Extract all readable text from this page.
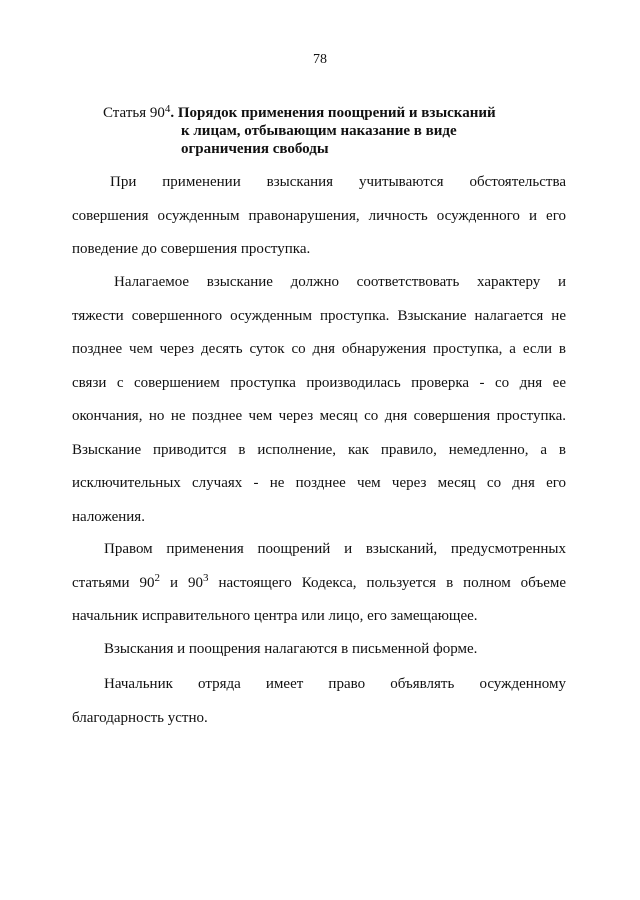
78
Статья $90^4$. Порядок применения поощрений и взысканий
к лицам, отбывающим наказание в виде
ограничения свободы
При применении взыскания учитываются обстоятельства
совершения осужденным правонарушения, личность осужденного и его
поведение до совершения проступка.
Налагаемое взыскание должно соответствовать характеру и
тяжести совершенного осужденным проступка. Взыскание налагается не
позднее чем через десять суток со дня обнаружения проступка, а если в
связи с совершением проступка производилась проверка - со дня ее
окончания, но не позднее чем через месяц со дня совершения проступка.
Взыскание приводится в исполнение, как правило, немедленно, а в
исключительных случаях - не позднее чем через месяц со дня его
наложения.
Правом применения поощрений и взысканий, предусмотренных
статьями $90^2$ и $90^3$ настоящего Кодекса, пользуется в полном объеме
начальник исправительного центра или лицо, его замещающее.
Взыскания и поощрения налагаются в письменной форме.
Начальник отряда имеет право объявлять осужденному
благодарность устно.
